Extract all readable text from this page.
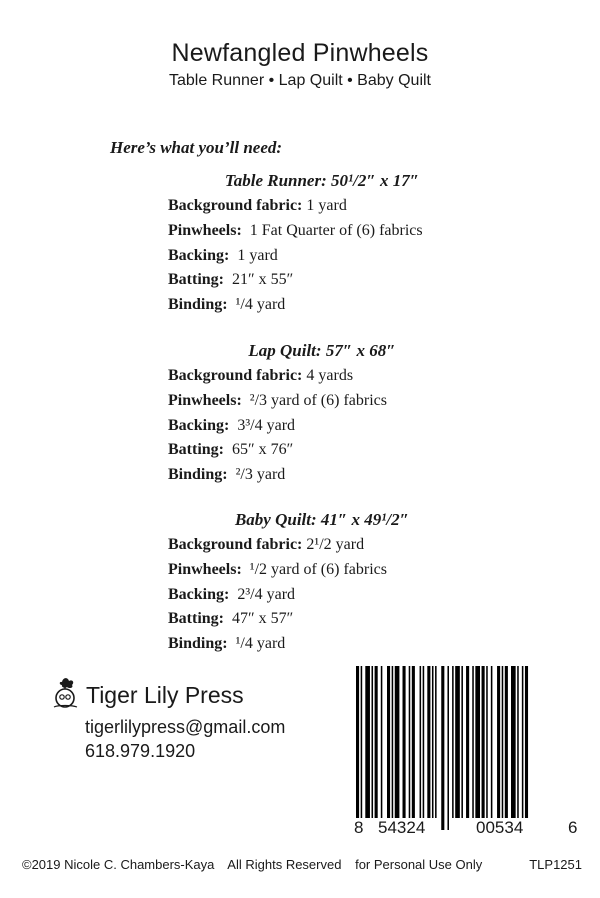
Newfangled Pinwheels
Table Runner • Lap Quilt • Baby Quilt
Here’s what you’ll need:
Table Runner: 50¹/2″ x 17″
Background fabric: 1 yard
Pinwheels: 1 Fat Quarter of (6) fabrics
Backing: 1 yard
Batting: 21″ x 55″
Binding: ¹/4 yard
Lap Quilt: 57″ x 68″
Background fabric: 4 yards
Pinwheels: ²/3 yard of (6) fabrics
Backing: 3³/4 yard
Batting: 65″ x 76″
Binding: ²/3 yard
Baby Quilt: 41″ x 49¹/2″
Background fabric: 2¹/2 yard
Pinwheels: ¹/2 yard of (6) fabrics
Backing: 2³/4 yard
Batting: 47″ x 57″
Binding: ¹/4 yard
Tiger Lily Press
tigerlilypress@gmail.com
618.979.1920
8 54324	00534	6
©2019 Nicole C. Chambers-Kaya All Rights Reserved for Personal Use Only	TLP1251
